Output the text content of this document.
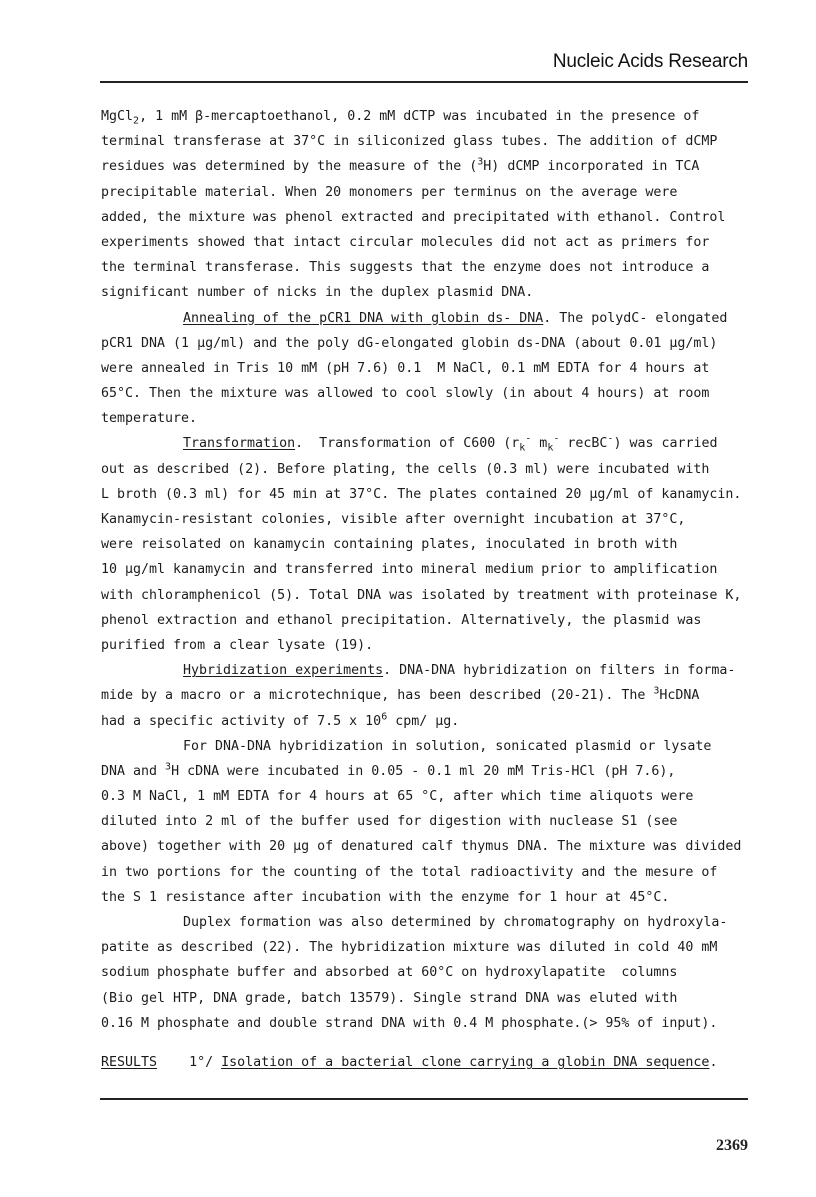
Nucleic Acids Research
MgCl$_2$, 1 mM β-mercaptoethanol, 0.2 mM dCTP was incubated in the presence of
terminal transferase at 37°C in siliconized glass tubes. The addition of dCMP
residues was determined by the measure of the ($^3$H) dCMP incorporated in TCA
precipitable material. When 20 monomers per terminus on the average were
added, the mixture was phenol extracted and precipitated with ethanol. Control
experiments showed that intact circular molecules did not act as primers for
the terminal transferase. This suggests that the enzyme does not introduce a
significant number of nicks in the duplex plasmid DNA.
Annealing of the pCR1 DNA with globin ds- DNA. The polydC- elongated
pCR1 DNA (1 µg/ml) and the poly dG-elongated globin ds-DNA (about 0.01 µg/ml)
were annealed in Tris 10 mM (pH 7.6) 0.1  M NaCl, 0.1 mM EDTA for 4 hours at
65°C. Then the mixture was allowed to cool slowly (in about 4 hours) at room
temperature.
Transformation.  Transformation of C600 ($r_k^-$ $m_k^-$ recBC-) was carried
out as described (2). Before plating, the cells (0.3 ml) were incubated with
L broth (0.3 ml) for 45 min at 37°C. The plates contained 20 µg/ml of kanamycin.
Kanamycin-resistant colonies, visible after overnight incubation at 37°C,
were reisolated on kanamycin containing plates, inoculated in broth with
10 µg/ml kanamycin and transferred into mineral medium prior to amplification
with chloramphenicol (5). Total DNA was isolated by treatment with proteinase K,
phenol extraction and ethanol precipitation. Alternatively, the plasmid was
purified from a clear lysate (19).
Hybridization experiments. DNA-DNA hybridization on filters in forma-
mide by a macro or a microtechnique, has been described (20-21). The $^3$HcDNA
had a specific activity of 7.5 x $10^6$ cpm/ µg.
For DNA-DNA hybridization in solution, sonicated plasmid or lysate
DNA and $^3$H cDNA were incubated in 0.05 - 0.1 ml 20 mM Tris-HCl (pH 7.6),
0.3 M NaCl, 1 mM EDTA for 4 hours at 65 °C, after which time aliquots were
diluted into 2 ml of the buffer used for digestion with nuclease S1 (see
above) together with 20 µg of denatured calf thymus DNA. The mixture was divided
in two portions for the counting of the total radioactivity and the mesure of
the S 1 resistance after incubation with the enzyme for 1 hour at 45°C.
Duplex formation was also determined by chromatography on hydroxyla-
patite as described (22). The hybridization mixture was diluted in cold 40 mM
sodium phosphate buffer and absorbed at 60°C on hydroxylapatite  columns
(Bio gel HTP, DNA grade, batch 13579). Single strand DNA was eluted with
0.16 M phosphate and double strand DNA with 0.4 M phosphate.(> 95% of input).
RESULTS 1°/ Isolation of a bacterial clone carrying a globin DNA sequence.
2369
